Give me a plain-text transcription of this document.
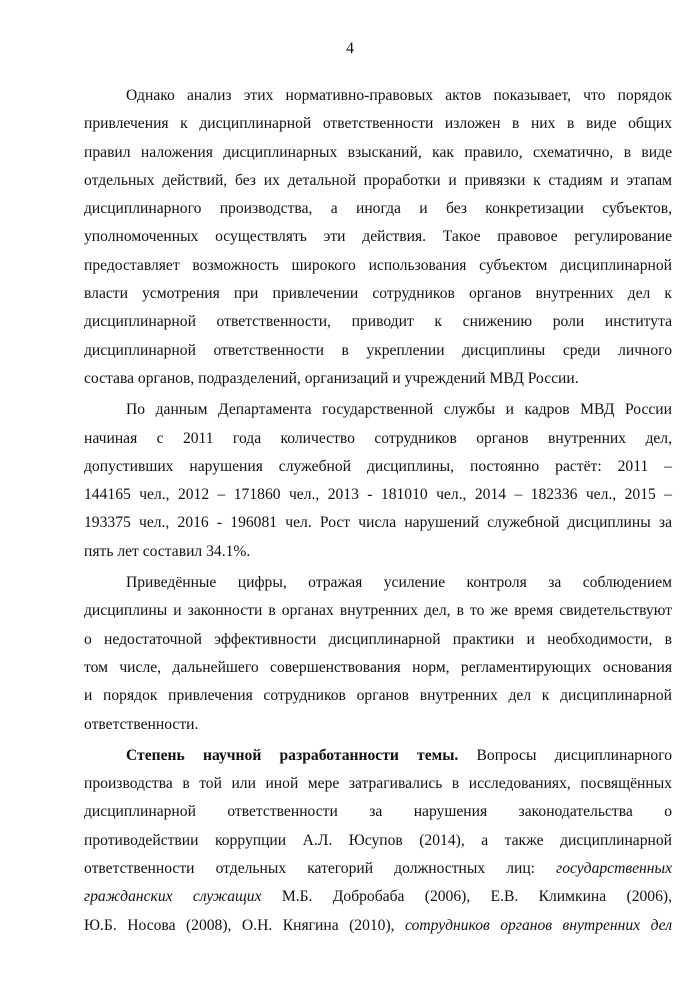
4
Однако анализ этих нормативно-правовых актов показывает, что порядок
привлечения к дисциплинарной ответственности изложен в них в виде общих
правил наложения дисциплинарных взысканий, как правило, схематично, в виде
отдельных действий, без их детальной проработки и привязки к стадиям и этапам
дисциплинарного производства, а иногда и без конкретизации субъектов,
уполномоченных осуществлять эти действия. Такое правовое регулирование
предоставляет возможность широкого использования субъектом дисциплинарной
власти усмотрения при привлечении сотрудников органов внутренних дел к
дисциплинарной ответственности, приводит к снижению роли института
дисциплинарной ответственности в укреплении дисциплины среди личного
состава органов, подразделений, организаций и учреждений МВД России.
По данным Департамента государственной службы и кадров МВД России
начиная с 2011 года количество сотрудников органов внутренних дел,
допустивших нарушения служебной дисциплины, постоянно растёт: 2011 –
144165 чел., 2012 – 171860 чел., 2013 - 181010 чел., 2014 – 182336 чел., 2015 –
193375 чел., 2016 - 196081 чел. Рост числа нарушений служебной дисциплины за
пять лет составил 34.1%.
Приведённые цифры, отражая усиление контроля за соблюдением
дисциплины и законности в органах внутренних дел, в то же время свидетельствуют
о недостаточной эффективности дисциплинарной практики и необходимости, в
том числе, дальнейшего совершенствования норм, регламентирующих основания
и порядок привлечения сотрудников органов внутренних дел к дисциплинарной
ответственности.
Степень научной разработанности темы. Вопросы дисциплинарного
производства в той или иной мере затрагивались в исследованиях, посвящённых
дисциплинарной ответственности за нарушения законодательства о
противодействии коррупции А.Л. Юсупов (2014), а также дисциплинарной
ответственности отдельных категорий должностных лиц: государственных
гражданских служащих М.Б. Добробаба (2006), Е.В. Климкина (2006),
Ю.Б. Носова (2008), О.Н. Княгина (2010), сотрудников органов внутренних дел
